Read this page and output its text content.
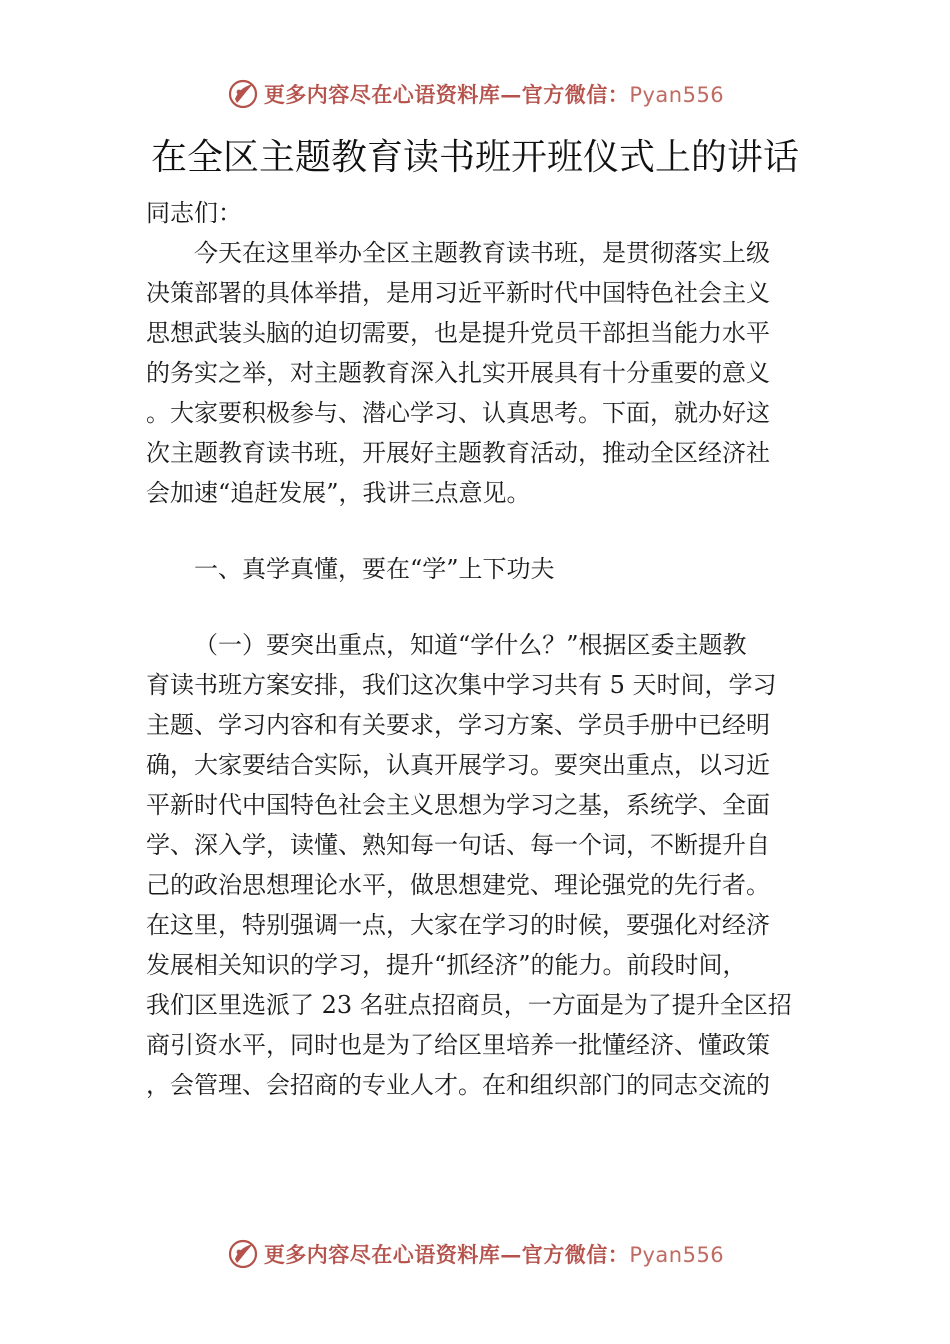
更多内容尽在心语资料库—官方微信：Pyan556
在全区主题教育读书班开班仪式上的讲话
同志们：
今天在这里举办全区主题教育读书班，是贯彻落实上级
决策部署的具体举措，是用习近平新时代中国特色社会主义
思想武装头脑的迫切需要，也是提升党员干部担当能力水平
的务实之举，对主题教育深入扎实开展具有十分重要的意义
。大家要积极参与、潜心学习、认真思考。下面，就办好这
次主题教育读书班，开展好主题教育活动，推动全区经济社
会加速“追赶发展”，我讲三点意见。
一、真学真懂，要在“学”上下功夫
（一）要突出重点，知道“学什么？”根据区委主题教
育读书班方案安排，我们这次集中学习共有 5 天时间，学习
主题、学习内容和有关要求，学习方案、学员手册中已经明
确，大家要结合实际，认真开展学习。要突出重点，以习近
平新时代中国特色社会主义思想为学习之基，系统学、全面
学、深入学，读懂、熟知每一句话、每一个词，不断提升自
己的政治思想理论水平，做思想建党、理论强党的先行者。
在这里，特别强调一点，大家在学习的时候，要强化对经济
发展相关知识的学习，提升“抓经济”的能力。前段时间，
我们区里选派了 23 名驻点招商员，一方面是为了提升全区招
商引资水平，同时也是为了给区里培养一批懂经济、懂政策
，会管理、会招商的专业人才。在和组织部门的同志交流的
更多内容尽在心语资料库—官方微信：Pyan556
